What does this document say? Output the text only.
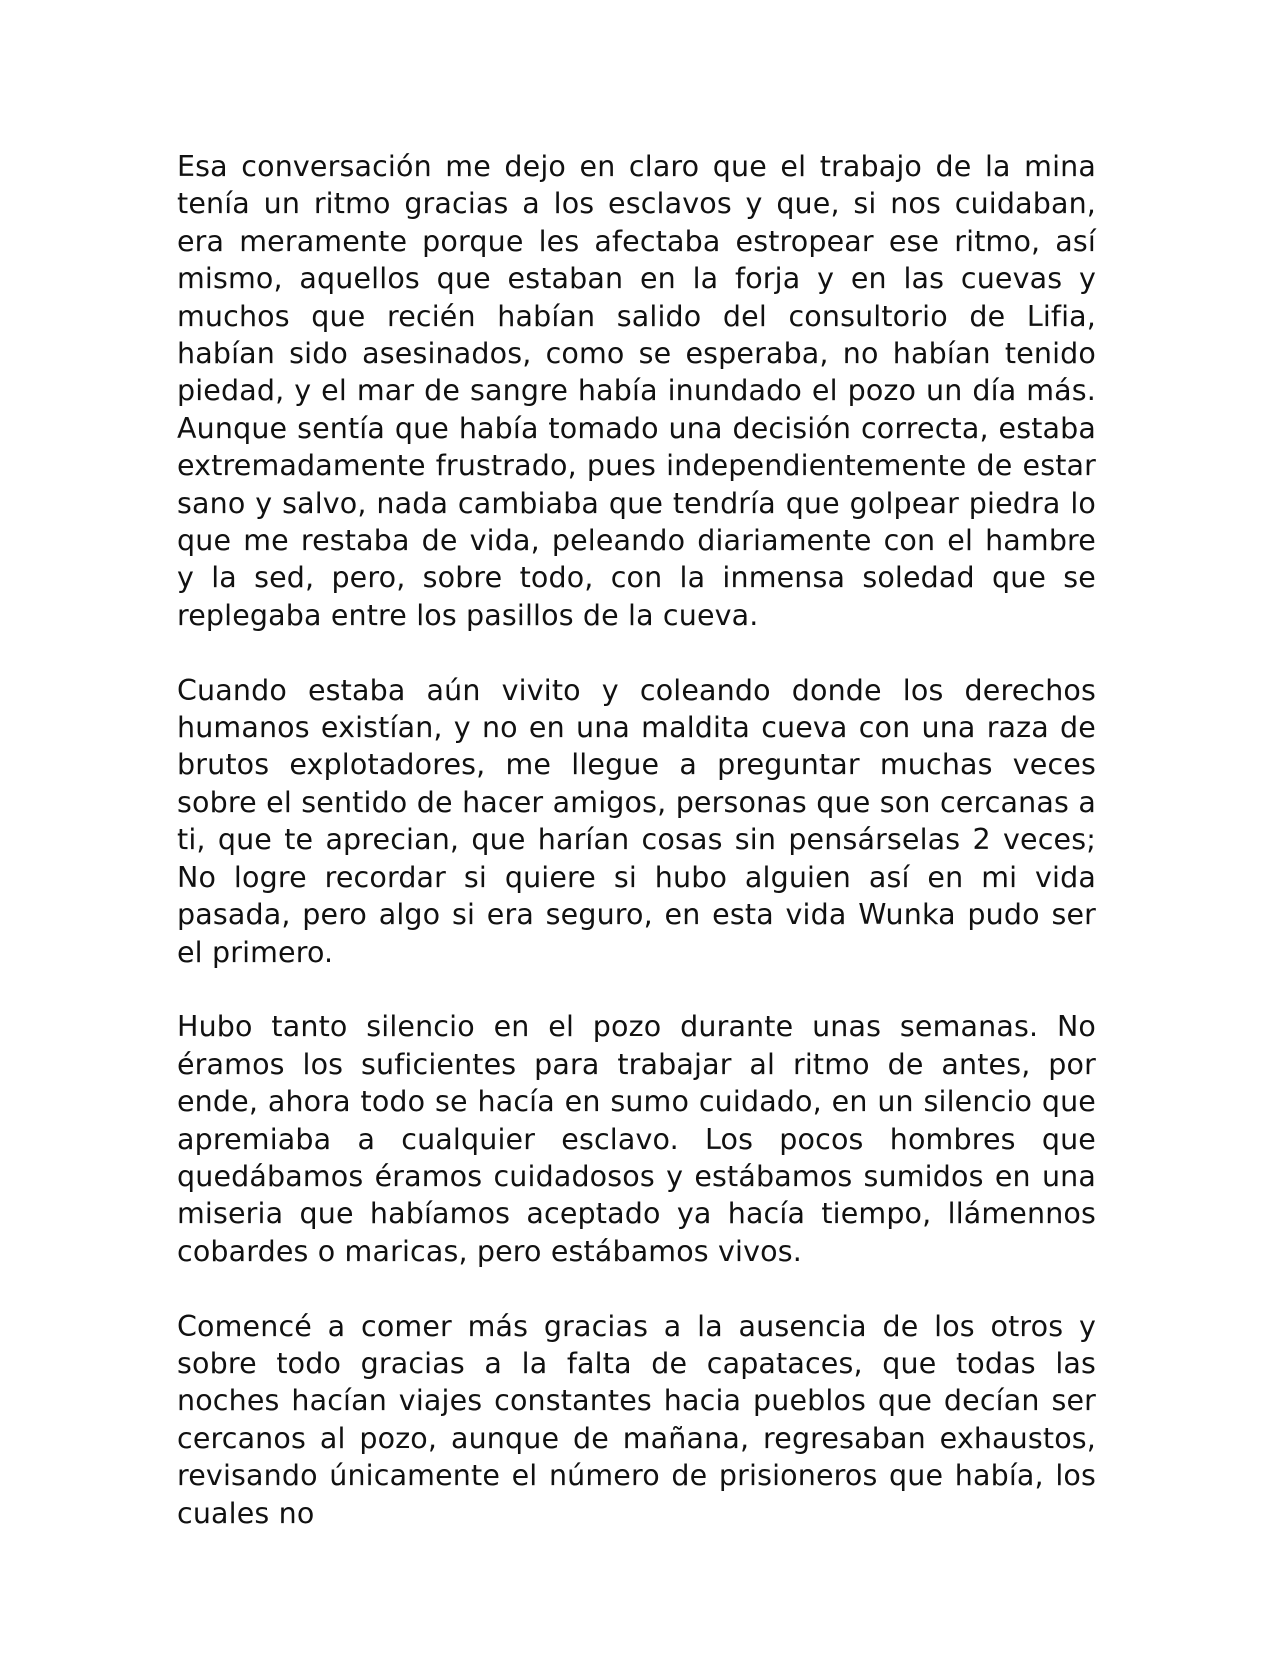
Esa conversación me dejo en claro que el trabajo de la mina tenía un ritmo gracias a los esclavos y que, si nos cuidaban, era meramente porque les afectaba estropear ese ritmo, así mismo, aquellos que estaban en la forja y en las cuevas y muchos que recién habían salido del consultorio de Lifia, habían sido asesinados, como se esperaba, no habían tenido piedad, y el mar de sangre había inundado el pozo un día más. Aunque sentía que había tomado una decisión correcta, estaba extremadamente frustrado, pues independientemente de estar sano y salvo, nada cambiaba que tendría que golpear piedra lo que me restaba de vida, peleando diariamente con el hambre y la sed, pero, sobre todo, con la inmensa soledad que se replegaba entre los pasillos de la cueva.

Cuando estaba aún vivito y coleando donde los derechos humanos existían, y no en una maldita cueva con una raza de brutos explotadores, me llegue a preguntar muchas veces sobre el sentido de hacer amigos, personas que son cercanas a ti, que te aprecian, que harían cosas sin pensárselas 2 veces; No logre recordar si quiere si hubo alguien así en mi vida pasada, pero algo si era seguro, en esta vida Wunka pudo ser el primero.

Hubo tanto silencio en el pozo durante unas semanas. No éramos los suficientes para trabajar al ritmo de antes, por ende, ahora todo se hacía en sumo cuidado, en un silencio que apremiaba a cualquier esclavo. Los pocos hombres que quedábamos éramos cuidadosos y estábamos sumidos en una miseria que habíamos aceptado ya hacía tiempo, llámennos cobardes o maricas, pero estábamos vivos.

Comencé a comer más gracias a la ausencia de los otros y sobre todo gracias a la falta de capataces, que todas las noches hacían viajes constantes hacia pueblos que decían ser cercanos al pozo, aunque de mañana, regresaban exhaustos, revisando únicamente el número de prisioneros que había, los cuales no
